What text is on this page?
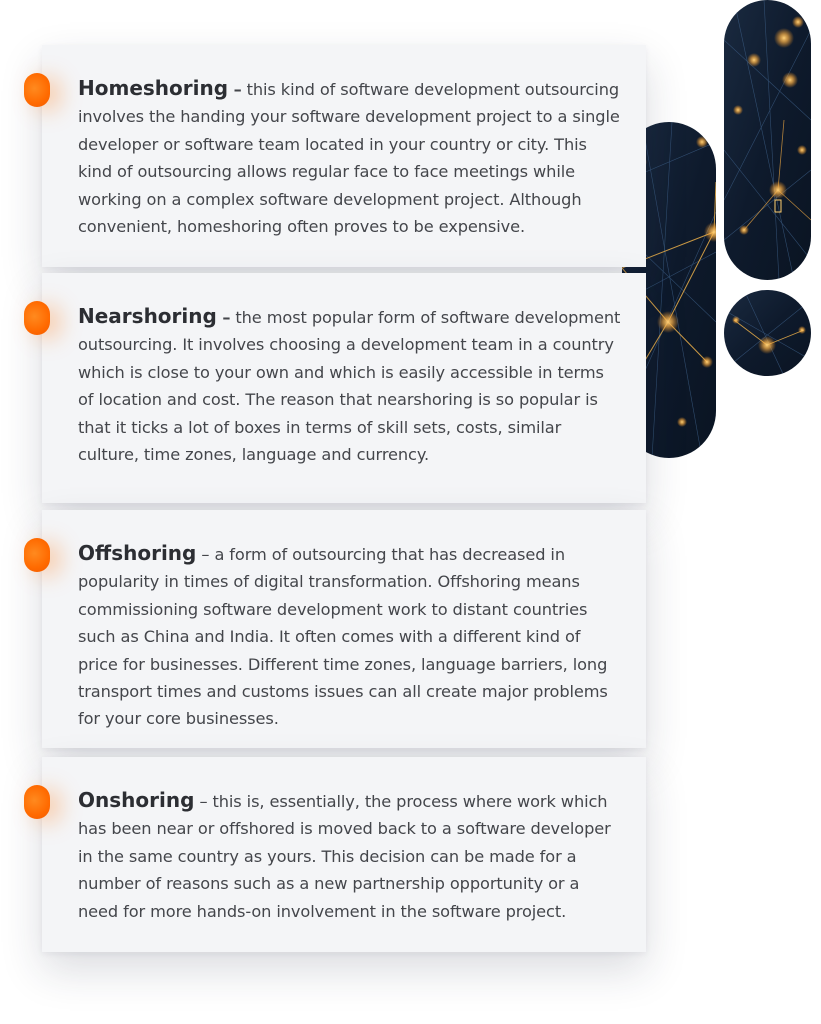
Homeshoring – this kind of software development outsourcing involves the handing your software development project to a single developer or software team located in your country or city. This kind of outsourcing allows regular face to face meetings while working on a complex software development project. Although convenient, homeshoring often proves to be expensive.

Nearshoring – the most popular form of software development outsourcing. It involves choosing a development team in a country which is close to your own and which is easily accessible in terms of location and cost. The reason that nearshoring is so popular is that it ticks a lot of boxes in terms of skill sets, costs, similar culture, time zones, language and currency.

Offshoring – a form of outsourcing that has decreased in popularity in times of digital transformation. Offshoring means commissioning software development work to distant countries such as China and India. It often comes with a different kind of price for businesses. Different time zones, language barriers, long transport times and customs issues can all create major problems for your core businesses.

Onshoring – this is, essentially, the process where work which has been near or offshored is moved back to a software developer in the same country as yours. This decision can be made for a number of reasons such as a new partnership opportunity or a need for more hands-on involvement in the software project.
